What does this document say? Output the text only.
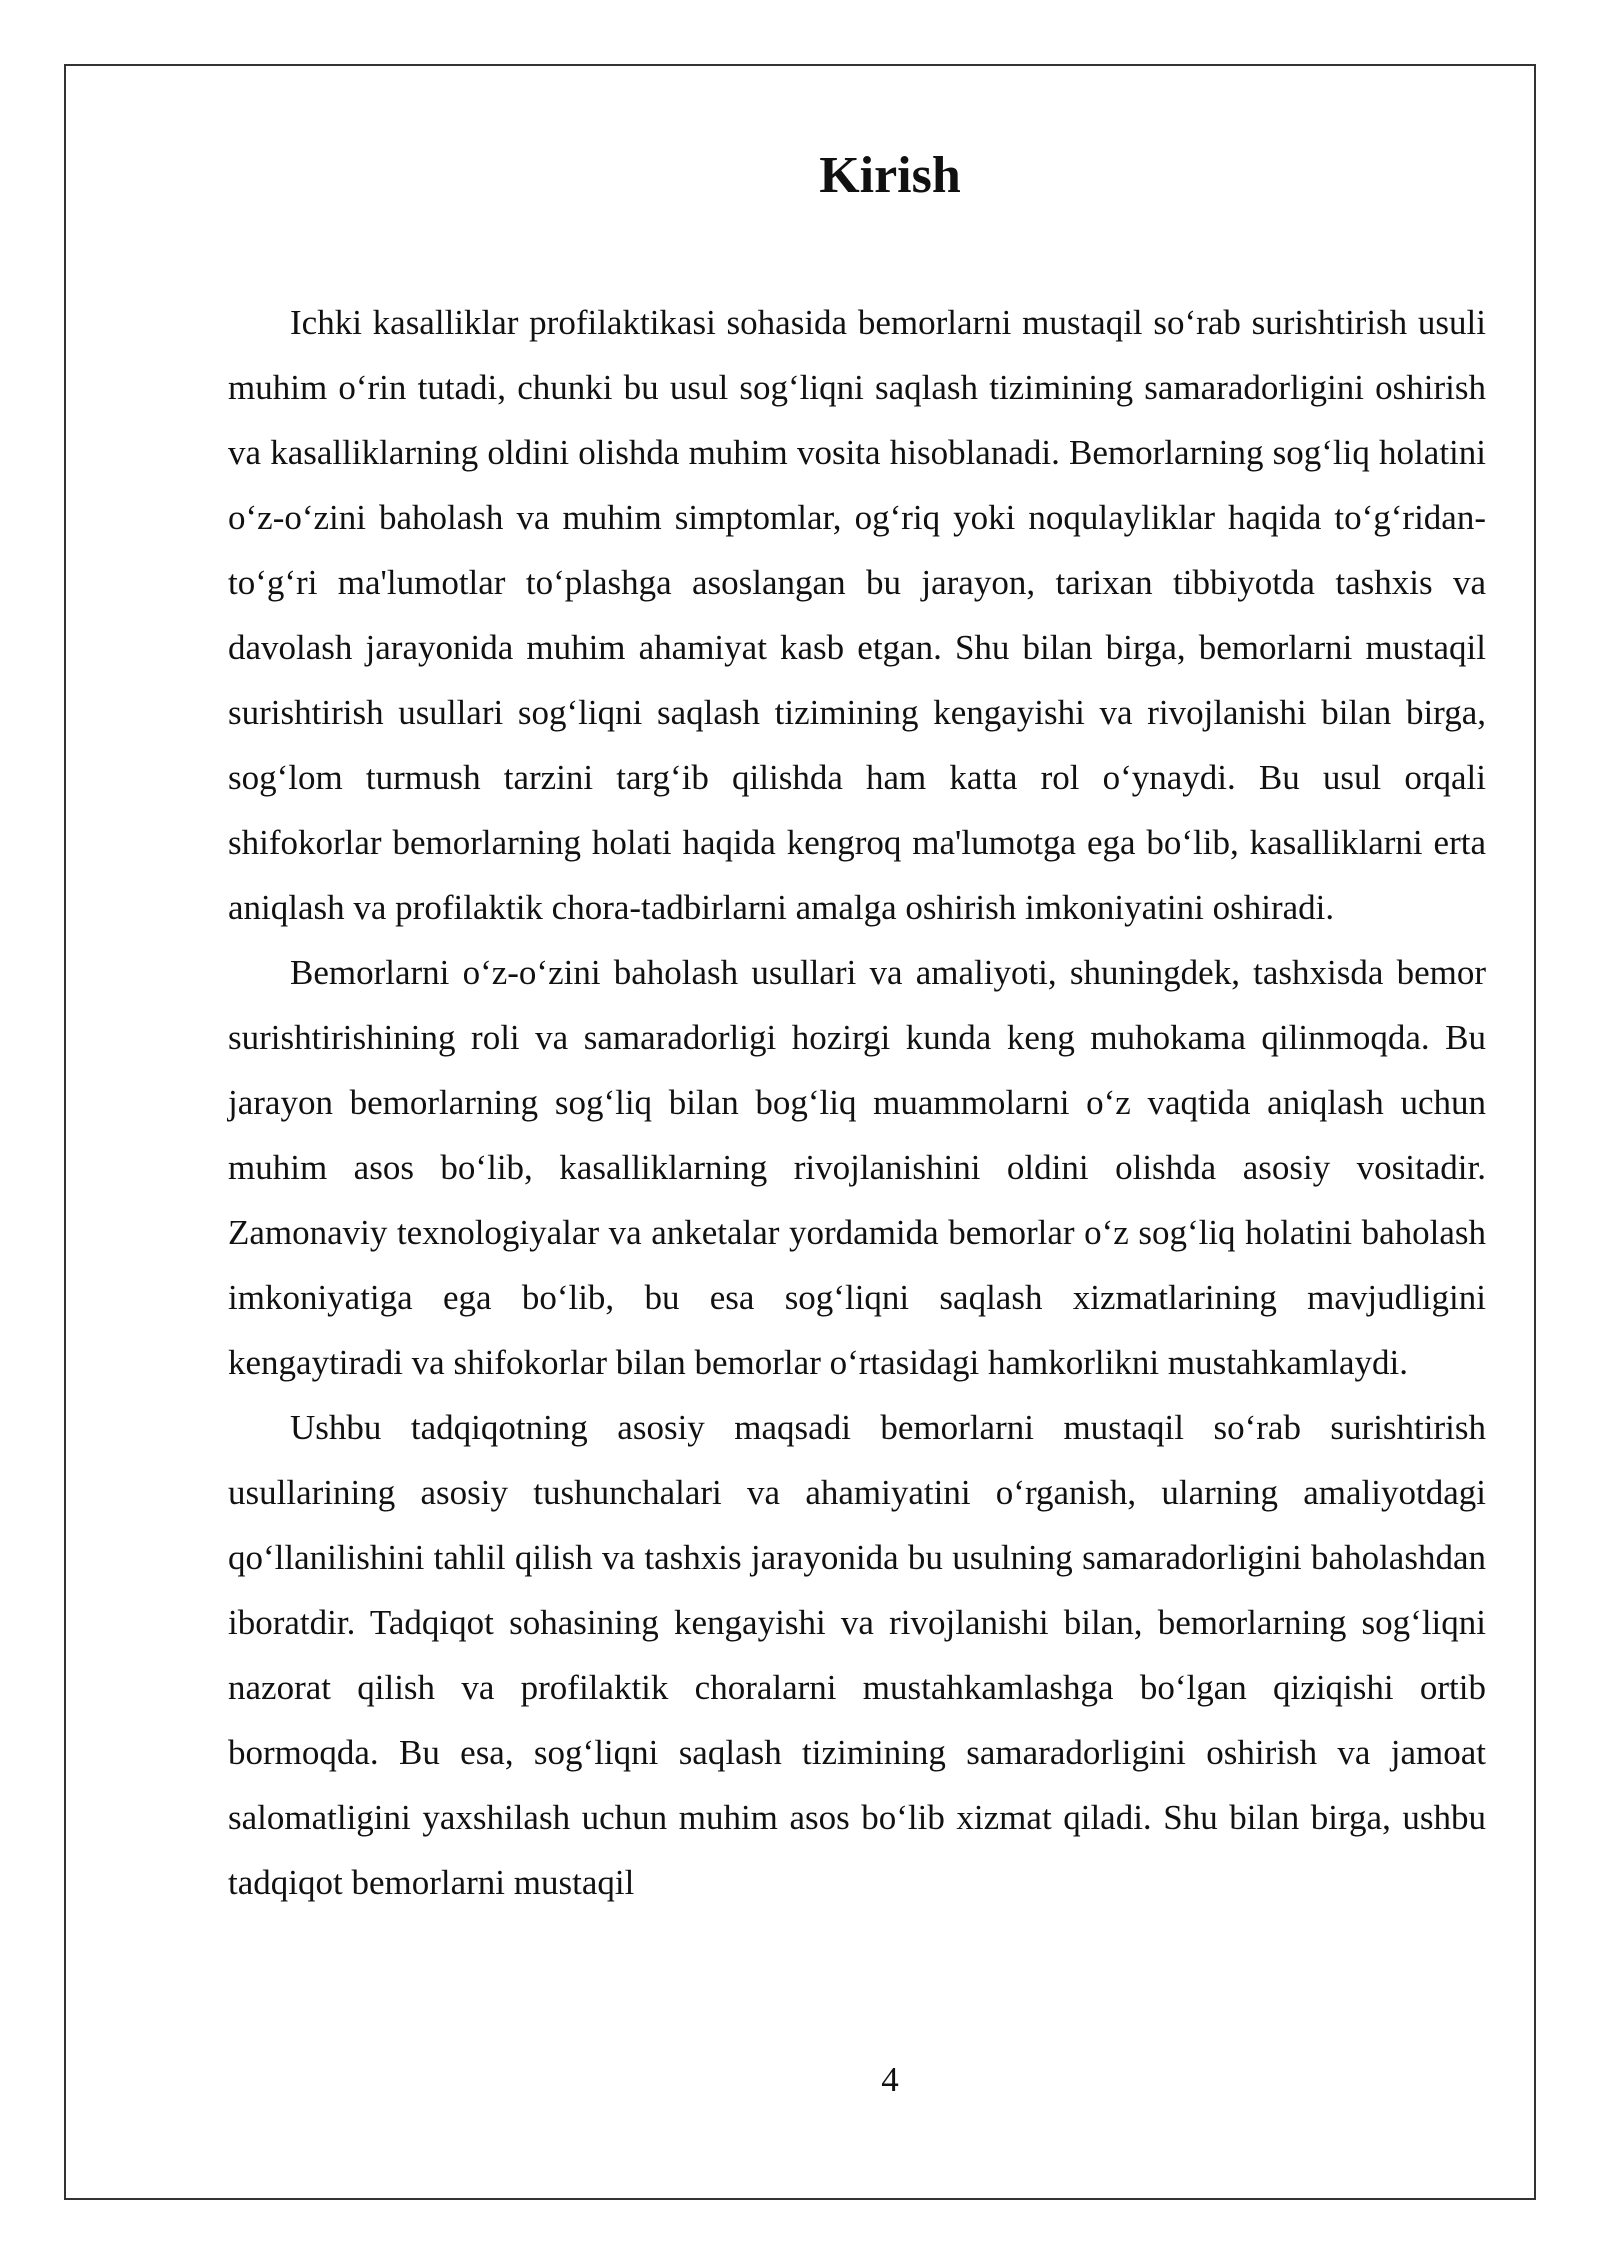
Kirish

Ichki kasalliklar profilaktikasi sohasida bemorlarni mustaqil so‘rab surishtirish usuli muhim o‘rin tutadi, chunki bu usul sog‘liqni saqlash tizimining samaradorligini oshirish va kasalliklarning oldini olishda muhim vosita hisoblanadi. Bemorlarning sog‘liq holatini o‘z-o‘zini baholash va muhim simptomlar, og‘riq yoki noqulayliklar haqida to‘g‘ridan-to‘g‘ri ma'lumotlar to‘plashga asoslangan bu jarayon, tarixan tibbiyotda tashxis va davolash jarayonida muhim ahamiyat kasb etgan. Shu bilan birga, bemorlarni mustaqil surishtirish usullari sog‘liqni saqlash tizimining kengayishi va rivojlanishi bilan birga, sog‘lom turmush tarzini targ‘ib qilishda ham katta rol o‘ynaydi. Bu usul orqali shifokorlar bemorlarning holati haqida kengroq ma'lumotga ega bo‘lib, kasalliklarni erta aniqlash va profilaktik chora-tadbirlarni amalga oshirish imkoniyatini oshiradi.

Bemorlarni o‘z-o‘zini baholash usullari va amaliyoti, shuningdek, tashxisda bemor surishtirishining roli va samaradorligi hozirgi kunda keng muhokama qilinmoqda. Bu jarayon bemorlarning sog‘liq bilan bog‘liq muammolarni o‘z vaqtida aniqlash uchun muhim asos bo‘lib, kasalliklarning rivojlanishini oldini olishda asosiy vositadir. Zamonaviy texnologiyalar va anketalar yordamida bemorlar o‘z sog‘liq holatini baholash imkoniyatiga ega bo‘lib, bu esa sog‘liqni saqlash xizmatlarining mavjudligini kengaytiradi va shifokorlar bilan bemorlar o‘rtasidagi hamkorlikni mustahkamlaydi.

Ushbu tadqiqotning asosiy maqsadi bemorlarni mustaqil so‘rab surishtirish usullarining asosiy tushunchalari va ahamiyatini o‘rganish, ularning amaliyotdagi qo‘llanilishini tahlil qilish va tashxis jarayonida bu usulning samaradorligini baholashdan iboratdir. Tadqiqot sohasining kengayishi va rivojlanishi bilan, bemorlarning sog‘liqni nazorat qilish va profilaktik choralarni mustahkamlashga bo‘lgan qiziqishi ortib bormoqda. Bu esa, sog‘liqni saqlash tizimining samaradorligini oshirish va jamoat salomatligini yaxshilash uchun muhim asos bo‘lib xizmat qiladi. Shu bilan birga, ushbu tadqiqot bemorlarni mustaqil

4
